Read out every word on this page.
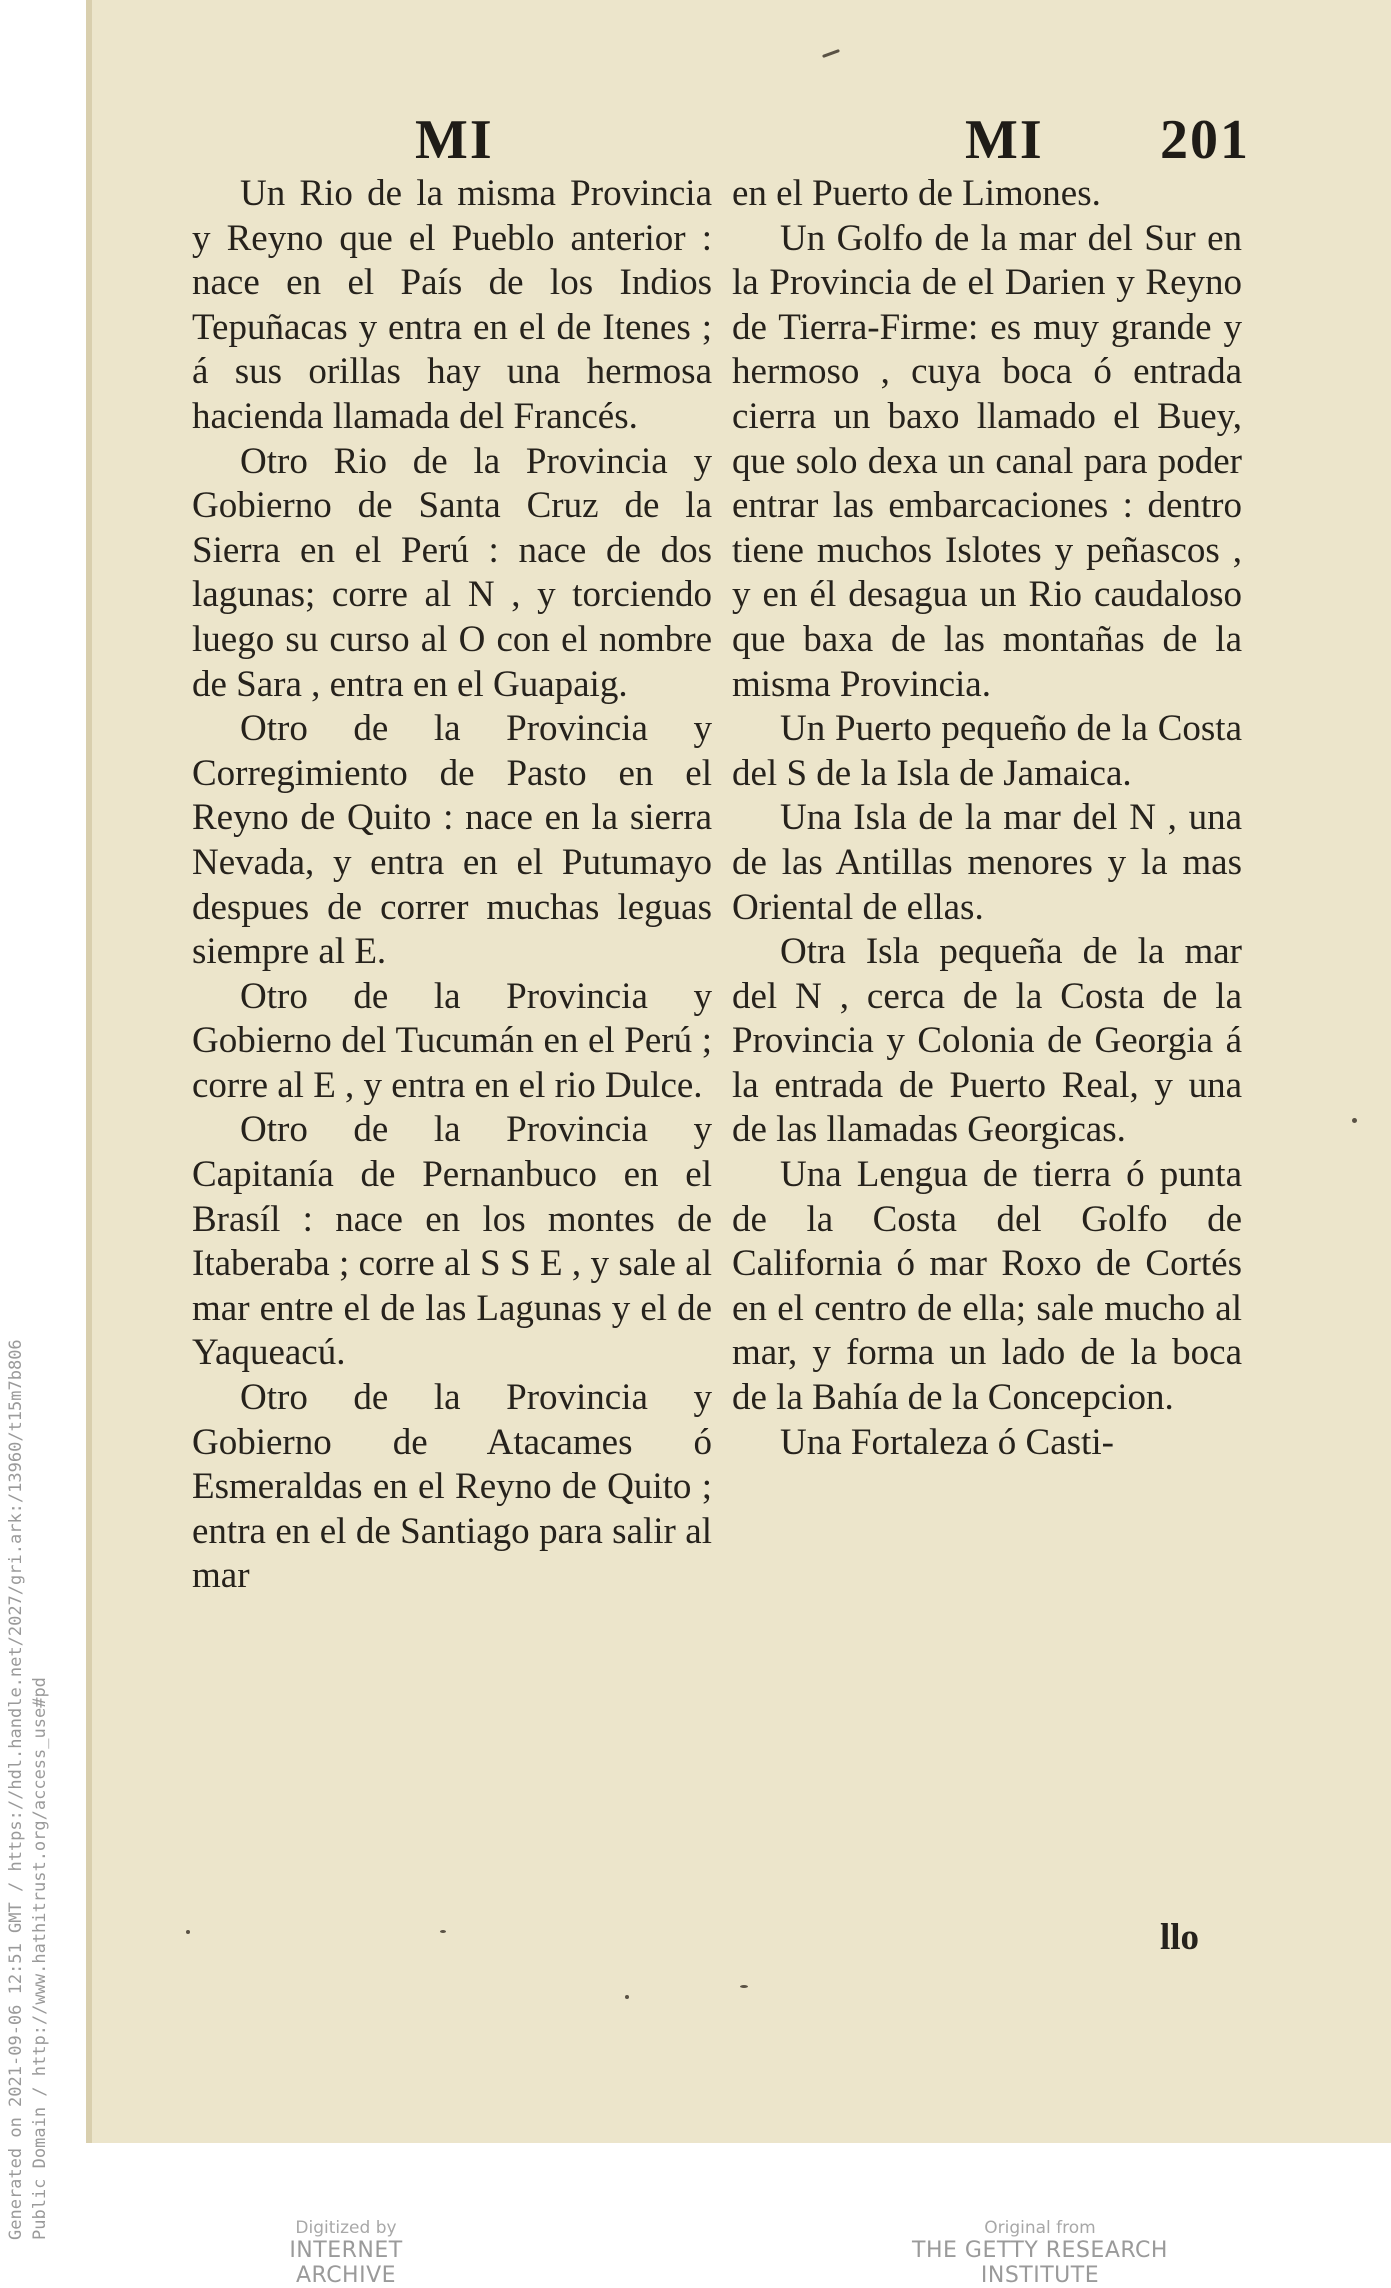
Generated on 2021-09-06 12:51 GMT / https://hdl.handle.net/2027/gri.ark:/13960/t15m7b806 Public Domain / http://www.hathitrust.org/access_use#pd
MI	MI 201

Un Rio de la misma Provincia y Reyno que el Pueblo anterior : nace en el País de los Indios Tepuñacas y entra en el de Itenes ; á sus orillas hay una hermosa hacienda llamada del Francés.

Otro Rio de la Provincia y Gobierno de Santa Cruz de la Sierra en el Perú : nace de dos lagunas; corre al N , y torciendo luego su curso al O con el nombre de Sara , entra en el Guapaig.

Otro de la Provincia y Corregimiento de Pasto en el Reyno de Quito : nace en la sierra Nevada, y entra en el Putumayo despues de correr muchas leguas siempre al E.

Otro de la Provincia y Gobierno del Tucumán en el Perú ; corre al E , y entra en el rio Dulce.

Otro de la Provincia y Capitanía de Pernanbuco en el Brasíl : nace en los montes de Itaberaba ; corre al S S E , y sale al mar entre el de las Lagunas y el de Yaqueacú.

Otro de la Provincia y Gobierno de Atacames ó Esmeraldas en el Reyno de Quito ; entra en el de Santiago para salir al mar

en el Puerto de Limones.

Un Golfo de la mar del Sur en la Provincia de el Darien y Reyno de Tierra-Firme: es muy grande y hermoso , cuya boca ó entrada cierra un baxo llamado el Buey, que solo dexa un canal para poder entrar las embarcaciones : dentro tiene muchos Islotes y peñascos , y en él desagua un Rio caudaloso que baxa de las montañas de la misma Provincia.

Un Puerto pequeño de la Costa del S de la Isla de Jamaica.

Una Isla de la mar del N , una de las Antillas menores y la mas Oriental de ellas.

Otra Isla pequeña de la mar del N , cerca de la Costa de la Provincia y Colonia de Georgia á la entrada de Puerto Real, y una de las llamadas Georgicas.

Una Lengua de tierra ó punta de la Costa del Golfo de California ó mar Roxo de Cortés en el centro de ella; sale mucho al mar, y forma un lado de la boca de la Bahía de la Concepcion.

Una Fortaleza ó Casti-

llo
Digitized by
INTERNET ARCHIVE
Original from
THE GETTY RESEARCH INSTITUTE
